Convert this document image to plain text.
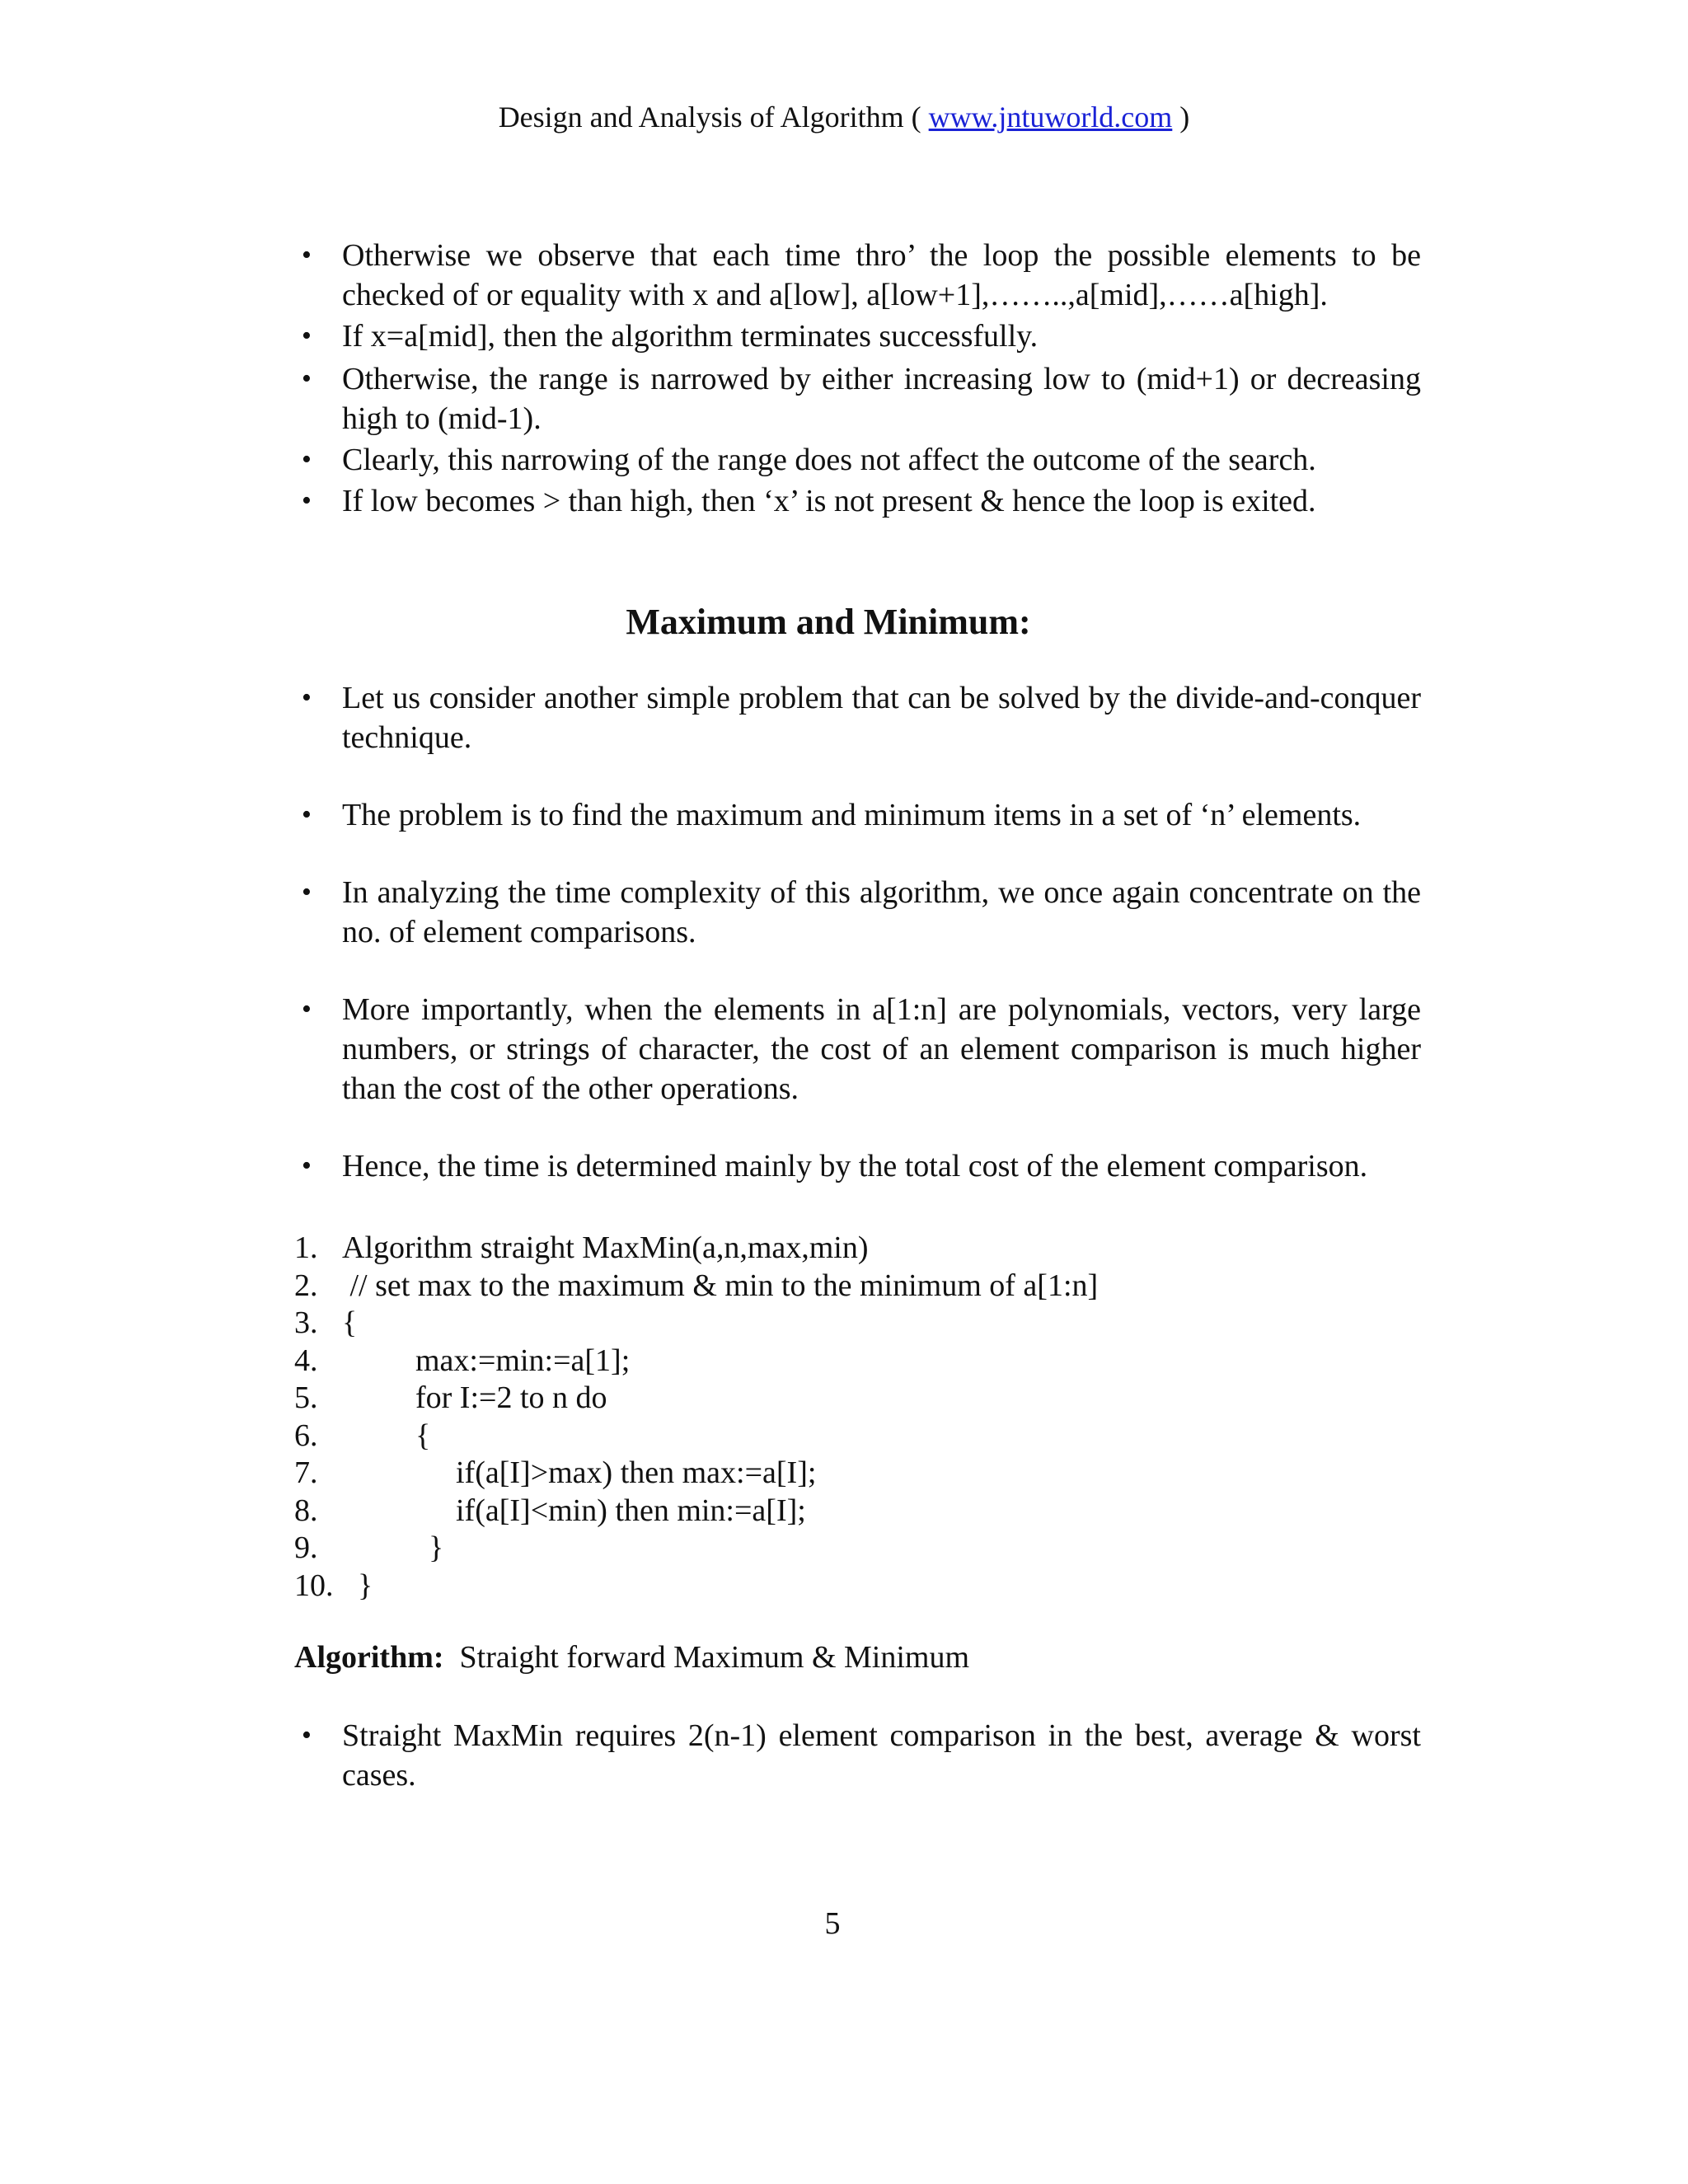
Design and Analysis of Algorithm ( www.jntuworld.com )
• Otherwise we observe that each time thro’ the loop the possible elements to be checked of or equality with x and a[low], a[low+1],……..,a[mid],……a[high].
• If x=a[mid], then the algorithm terminates successfully.
• Otherwise, the range is narrowed by either increasing low to (mid+1) or decreasing high to (mid-1).
• Clearly, this narrowing of the range does not affect the outcome of the search.
• If low becomes > than high, then ‘x’ is not present & hence the loop is exited.
Maximum and Minimum:
• Let us consider another simple problem that can be solved by the divide-and-conquer technique.
• The problem is to find the maximum and minimum items in a set of ‘n’ elements.
• In analyzing the time complexity of this algorithm, we once again concentrate on the no. of element comparisons.
• More importantly, when the elements in a[1:n] are polynomials, vectors, very large numbers, or strings of character, the cost of an element comparison is much higher than the cost of the other operations.
• Hence, the time is determined mainly by the total cost of the element comparison.
1. Algorithm straight MaxMin(a,n,max,min)
2. // set max to the maximum & min to the minimum of a[1:n]
3. {
4.	max:=min:=a[1];
5.	for I:=2 to n do
6.	{
7.	if(a[I]>max) then max:=a[I];
8.	if(a[I]<min) then min:=a[I];
9.	}
10. }
Algorithm: Straight forward Maximum & Minimum
• Straight MaxMin requires 2(n-1) element comparison in the best, average & worst cases.
5
